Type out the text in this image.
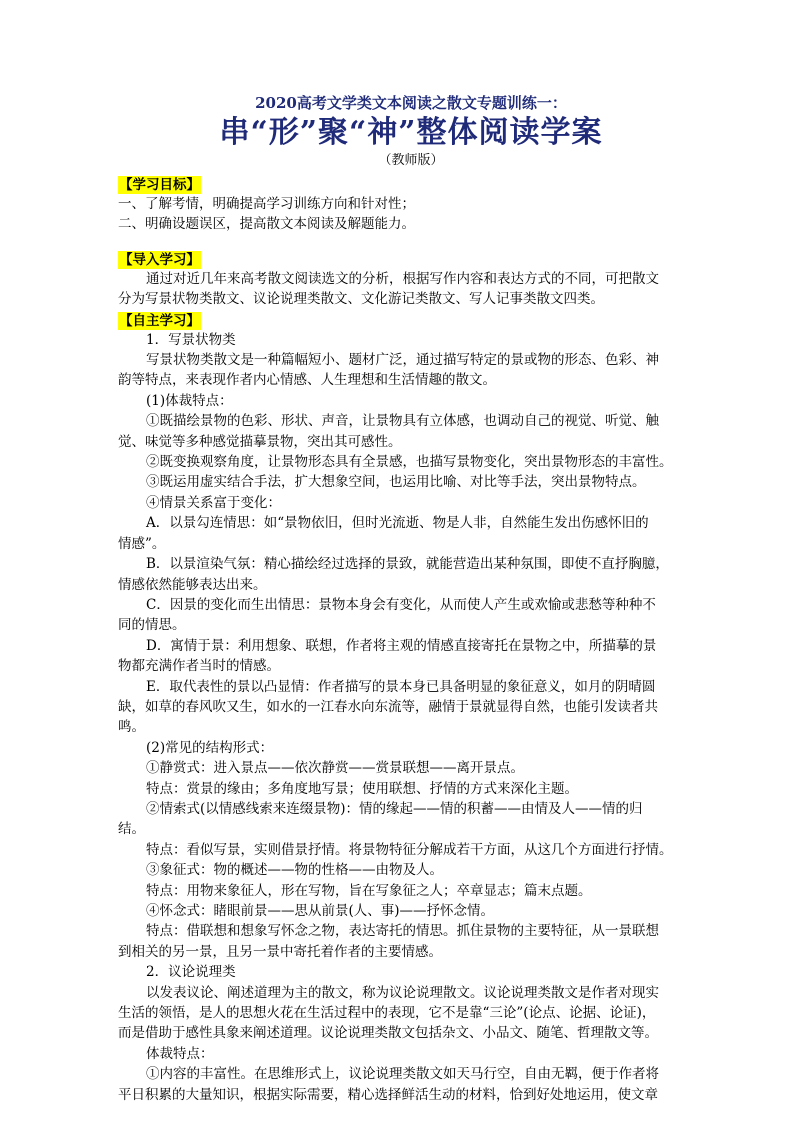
2020高考文学类文本阅读之散文专题训练一：
串“形”聚“神”整体阅读学案
（教师版）
【学习目标】
一、了解考情，明确提高学习训练方向和针对性；
二、明确设题误区，提高散文本阅读及解题能力。
【导入学习】
通过对近几年来高考散文阅读选文的分析，根据写作内容和表达方式的不同，可把散文
分为写景状物类散文、议论说理类散文、文化游记类散文、写人记事类散文四类。
【自主学习】
1．写景状物类
写景状物类散文是一种篇幅短小、题材广泛，通过描写特定的景或物的形态、色彩、神
韵等特点，来表现作者内心情感、人生理想和生活情趣的散文。
(1)体裁特点：
①既描绘景物的色彩、形状、声音，让景物具有立体感，也调动自己的视觉、听觉、触
觉、味觉等多种感觉描摹景物，突出其可感性。
②既变换观察角度，让景物形态具有全景感，也描写景物变化，突出景物形态的丰富性。
③既运用虚实结合手法，扩大想象空间，也运用比喻、对比等手法，突出景物特点。
④情景关系富于变化：
A．以景勾连情思：如“景物依旧，但时光流逝、物是人非，自然能生发出伤感怀旧的
情感”。
B．以景渲染气氛：精心描绘经过选择的景致，就能营造出某种氛围，即使不直抒胸臆，
情感依然能够表达出来。
C．因景的变化而生出情思：景物本身会有变化，从而使人产生或欢愉或悲愁等种种不
同的情思。
D．寓情于景：利用想象、联想，作者将主观的情感直接寄托在景物之中，所描摹的景
物都充满作者当时的情感。
E．取代表性的景以凸显情：作者描写的景本身已具备明显的象征意义，如月的阴晴圆
缺，如草的春风吹又生，如水的一江春水向东流等，融情于景就显得自然，也能引发读者共
鸣。
(2)常见的结构形式：
①静赏式：进入景点——依次静赏——赏景联想——离开景点。
特点：赏景的缘由；多角度地写景；使用联想、抒情的方式来深化主题。
②情索式(以情感线索来连缀景物)：情的缘起——情的积蓄——由情及人——情的归
结。
特点：看似写景，实则借景抒情。将景物特征分解成若干方面，从这几个方面进行抒情。
③象征式：物的概述——物的性格——由物及人。
特点：用物来象征人，形在写物，旨在写象征之人；卒章显志；篇末点题。
④怀念式：睹眼前景——思从前景(人、事)——抒怀念情。
特点：借联想和想象写怀念之物，表达寄托的情思。抓住景物的主要特征，从一景联想
到相关的另一景，且另一景中寄托着作者的主要情感。
2．议论说理类
以发表议论、阐述道理为主的散文，称为议论说理散文。议论说理类散文是作者对现实
生活的领悟，是人的思想火花在生活过程中的表现，它不是靠“三论”(论点、论据、论证)，
而是借助于感性具象来阐述道理。议论说理类散文包括杂文、小品文、随笔、哲理散文等。
体裁特点：
①内容的丰富性。在思维形式上，议论说理类散文如天马行空，自由无羁，便于作者将
平日积累的大量知识，根据实际需要，精心选择鲜活生动的材料，恰到好处地运用，使文章
